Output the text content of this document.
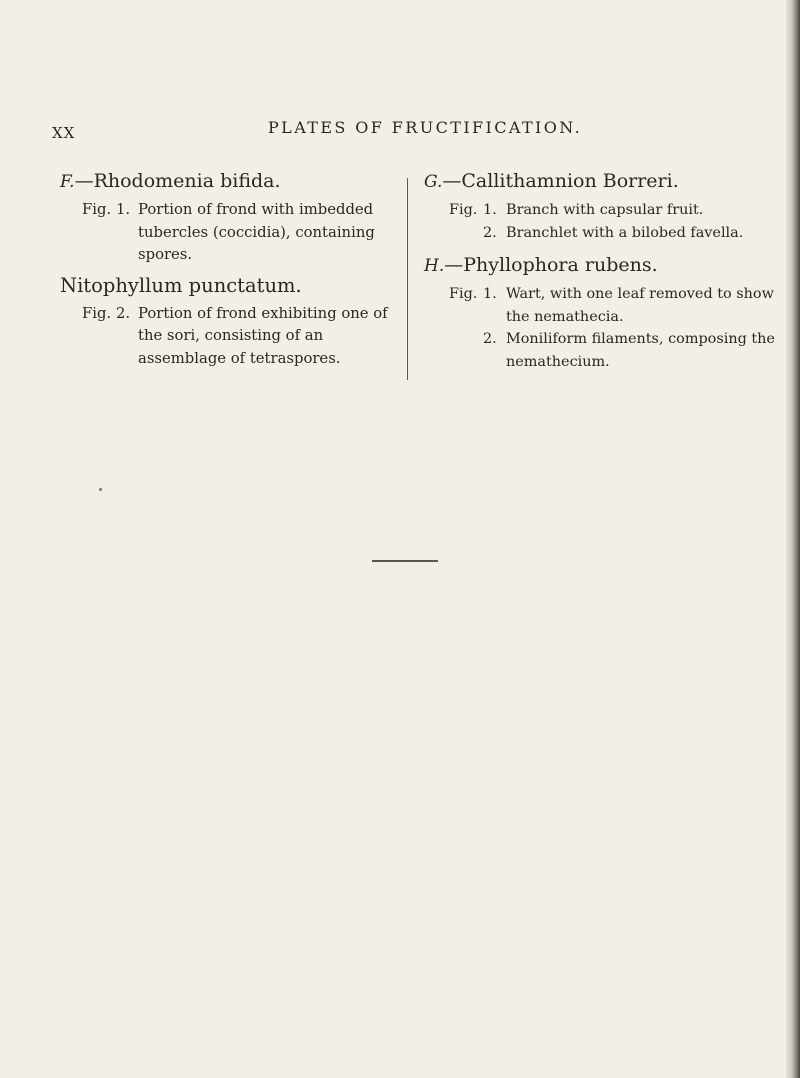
XX	PLATES OF FRUCTIFICATION.
F.—Rhodomenia bifida.
Fig. 1. Portion of frond with imbedded tubercles (coccidia), containing spores.
Nitophyllum punctatum.
Fig. 2. Portion of frond exhibiting one of the sori, consisting of an assemblage of tetraspores.
G.—Callithamnion Borreri.
Fig. 1. Branch with capsular fruit.
2. Branchlet with a bilobed favella.
H.—Phyllophora rubens.
Fig. 1. Wart, with one leaf removed to show the nemathecia.
2. Moniliform filaments, composing the nemathecium.
